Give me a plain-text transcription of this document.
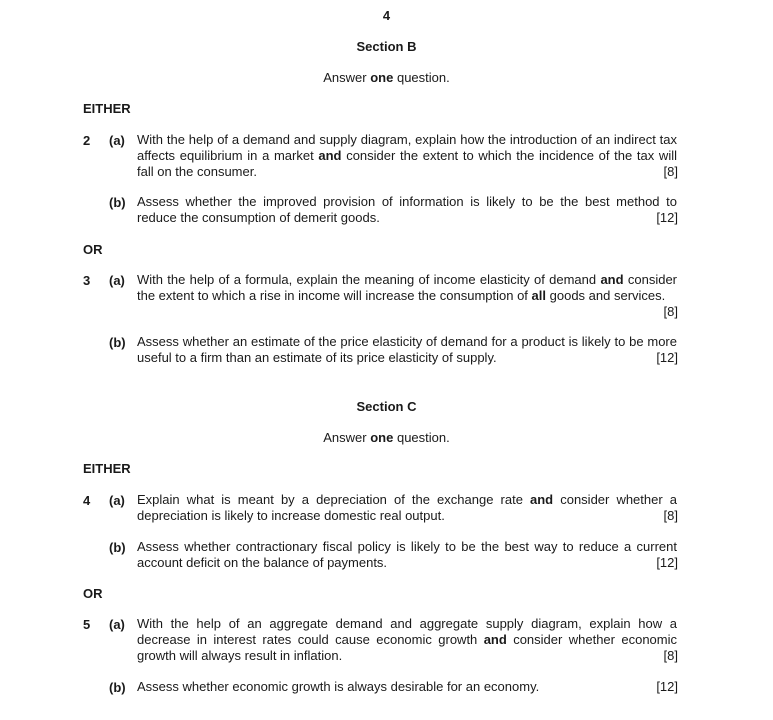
4
Section B
Answer one question.
EITHER
2 (a) With the help of a demand and supply diagram, explain how the introduction of an indirect tax affects equilibrium in a market and consider the extent to which the incidence of the tax will fall on the consumer.	[8]
(b) Assess whether the improved provision of information is likely to be the best method to reduce the consumption of demerit goods.	[12]
OR
3 (a) With the help of a formula, explain the meaning of income elasticity of demand and consider the extent to which a rise in income will increase the consumption of all goods and services.
[8]
(b) Assess whether an estimate of the price elasticity of demand for a product is likely to be more useful to a firm than an estimate of its price elasticity of supply.	[12]
Section C
Answer one question.
EITHER
4 (a) Explain what is meant by a depreciation of the exchange rate and consider whether a depreciation is likely to increase domestic real output.	[8]
(b) Assess whether contractionary fiscal policy is likely to be the best way to reduce a current account deficit on the balance of payments.	[12]
OR
5 (a) With the help of an aggregate demand and aggregate supply diagram, explain how a decrease in interest rates could cause economic growth and consider whether economic growth will always result in inflation.	[8]
(b) Assess whether economic growth is always desirable for an economy.	[12]
